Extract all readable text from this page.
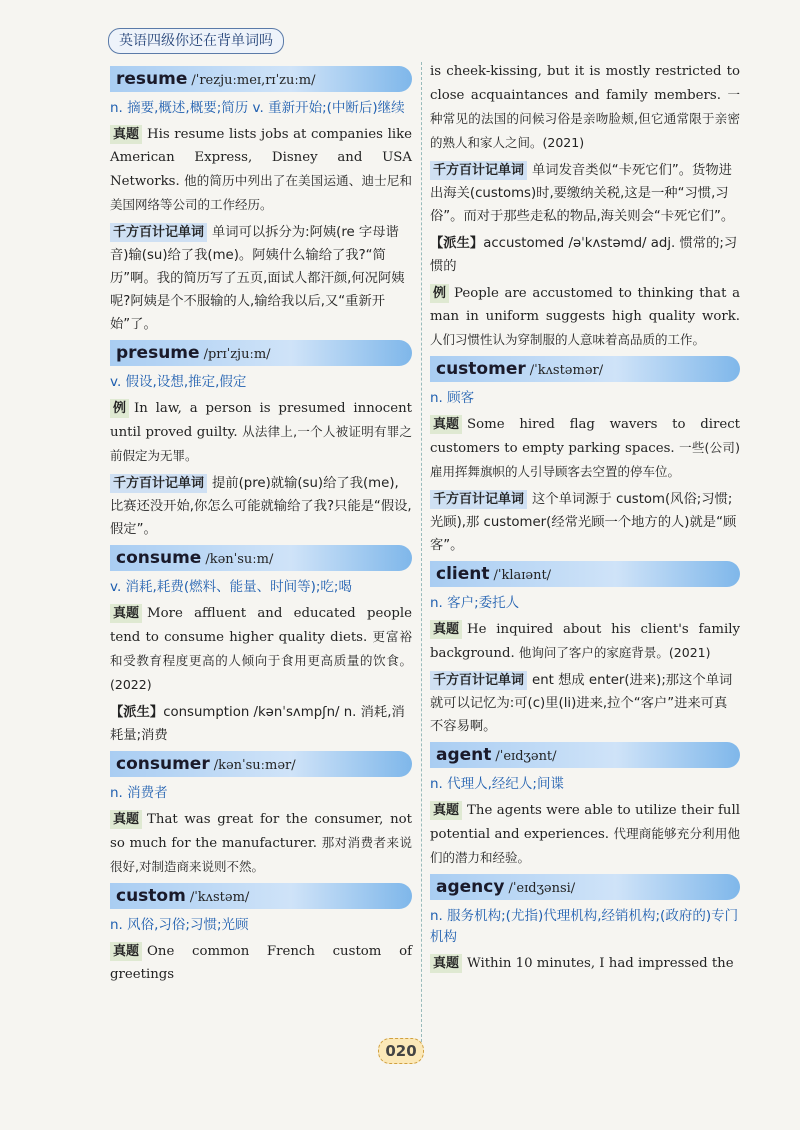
英语四级你还在背单词吗
resume /ˈrezjuːmeɪ,rɪˈzuːm/
n. 摘要,概述,概要;简历 v. 重新开始;(中断后)继续
真题 His resume lists jobs at companies like American Express, Disney and USA Networks. 他的简历中列出了在美国运通、迪士尼和美国网络等公司的工作经历。
千方百计记单词 单词可以拆分为:阿姨(re 字母谐音)输(su)给了我(me)。阿姨什么输给了我?“简历”啊。我的简历写了五页,面试人都汗颜,何况阿姨呢?阿姨是个不服输的人,输给我以后,又“重新开始”了。
presume /prɪˈzjuːm/
v. 假设,设想,推定,假定
例 In law, a person is presumed innocent until proved guilty. 从法律上,一个人被证明有罪之前假定为无罪。
千方百计记单词 提前(pre)就输(su)给了我(me),比赛还没开始,你怎么可能就输给了我?只能是“假设,假定”。
consume /kənˈsuːm/
v. 消耗,耗费(燃料、能量、时间等);吃;喝
真题 More affluent and educated people tend to consume higher quality diets. 更富裕和受教育程度更高的人倾向于食用更高质量的饮食。(2022)
【派生】consumption /kənˈsʌmpʃn/ n. 消耗,消耗量;消费
consumer /kənˈsuːmər/
n. 消费者
真题 That was great for the consumer, not so much for the manufacturer. 那对消费者来说很好,对制造商来说则不然。
custom /ˈkʌstəm/
n. 风俗,习俗;习惯;光顾
真题 One common French custom of greetings
is cheek-kissing, but it is mostly restricted to close acquaintances and family members. 一种常见的法国的问候习俗是亲吻脸颊,但它通常限于亲密的熟人和家人之间。(2021)
千方百计记单词 单词发音类似“卡死它们”。货物进出海关(customs)时,要缴纳关税,这是一种“习惯,习俗”。而对于那些走私的物品,海关则会“卡死它们”。
【派生】accustomed /əˈkʌstəmd/ adj. 惯常的;习惯的
例 People are accustomed to thinking that a man in uniform suggests high quality work. 人们习惯性认为穿制服的人意味着高品质的工作。
customer /ˈkʌstəmər/
n. 顾客
真题 Some hired flag wavers to direct customers to empty parking spaces. 一些(公司)雇用挥舞旗帜的人引导顾客去空置的停车位。
千方百计记单词 这个单词源于 custom(风俗;习惯;光顾),那 customer(经常光顾一个地方的人)就是“顾客”。
client /ˈklaɪənt/
n. 客户;委托人
真题 He inquired about his client's family background. 他询问了客户的家庭背景。(2021)
千方百计记单词 ent 想成 enter(进来);那这个单词就可以记忆为:可(c)里(li)进来,拉个“客户”进来可真不容易啊。
agent /ˈeɪdʒənt/
n. 代理人,经纪人;间谍
真题 The agents were able to utilize their full potential and experiences. 代理商能够充分利用他们的潜力和经验。
agency /ˈeɪdʒənsi/
n. 服务机构;(尤指)代理机构,经销机构;(政府的)专门机构
真题 Within 10 minutes, I had impressed the
020
